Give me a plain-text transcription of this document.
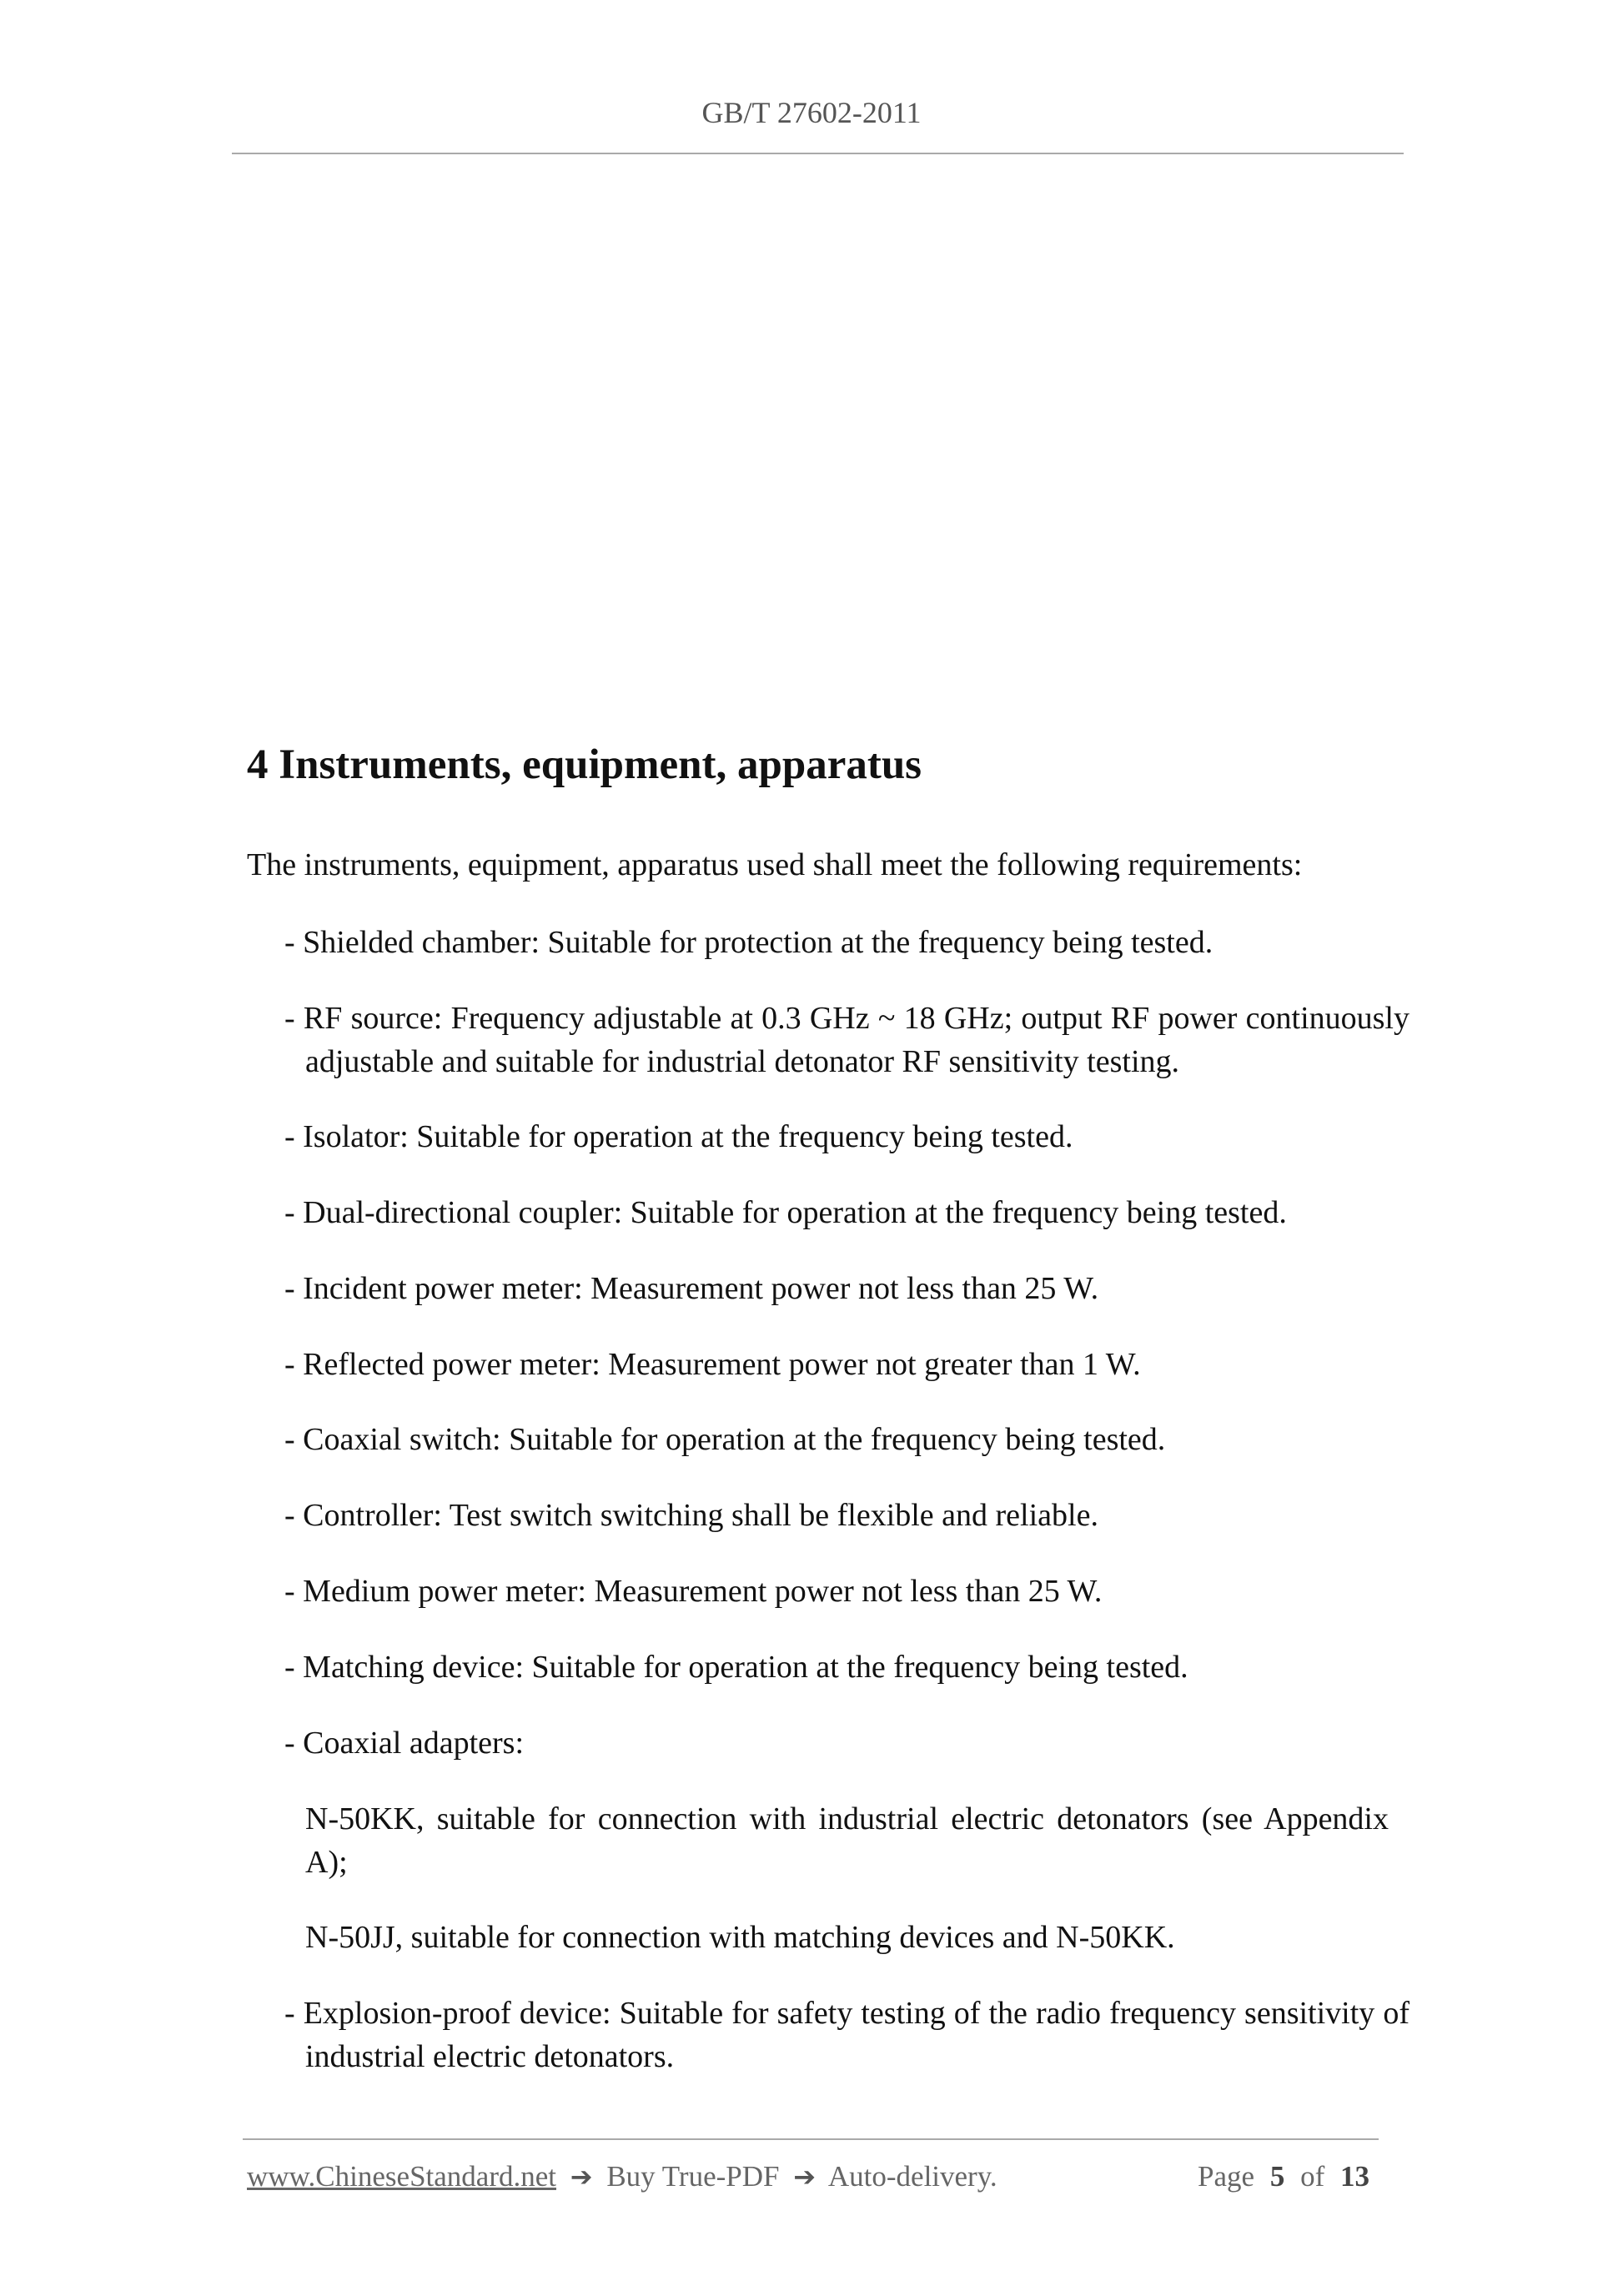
GB/T 27602-2011
4 Instruments, equipment, apparatus
The instruments, equipment, apparatus used shall meet the following requirements:
- Shielded chamber: Suitable for protection at the frequency being tested.
- RF source: Frequency adjustable at 0.3 GHz ~ 18 GHz; output RF power continuously adjustable and suitable for industrial detonator RF sensitivity testing.
- Isolator: Suitable for operation at the frequency being tested.
- Dual-directional coupler: Suitable for operation at the frequency being tested.
- Incident power meter: Measurement power not less than 25 W.
- Reflected power meter: Measurement power not greater than 1 W.
- Coaxial switch: Suitable for operation at the frequency being tested.
- Controller: Test switch switching shall be flexible and reliable.
- Medium power meter: Measurement power not less than 25 W.
- Matching device: Suitable for operation at the frequency being tested.
- Coaxial adapters:
N-50KK, suitable for connection with industrial electric detonators (see Appendix A);
N-50JJ, suitable for connection with matching devices and N-50KK.
- Explosion-proof device: Suitable for safety testing of the radio frequency sensitivity of industrial electric detonators.
www.ChineseStandard.net ➔ Buy True-PDF ➔ Auto-delivery.	Page 5 of 13
